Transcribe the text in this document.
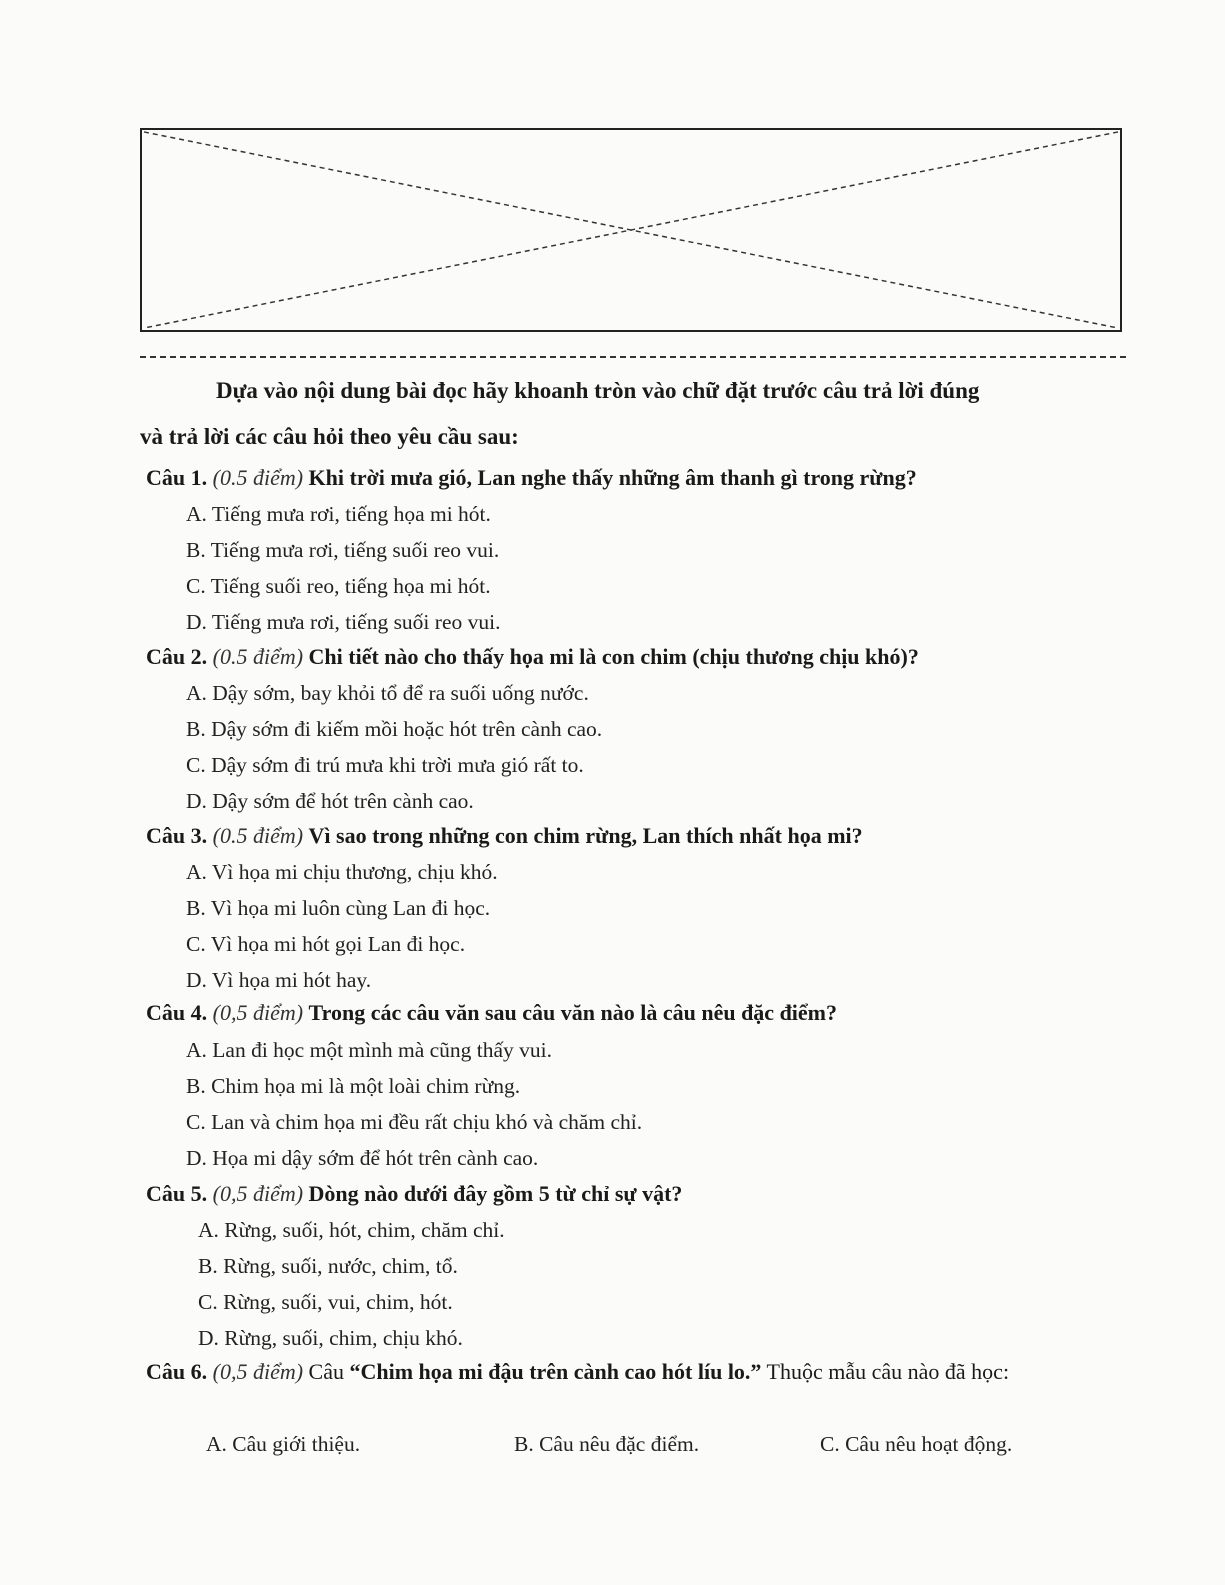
Dựa vào nội dung bài đọc hãy khoanh tròn vào chữ đặt trước câu trả lời đúng
và trả lời các câu hỏi theo yêu cầu sau:
Câu 1. (0.5 điểm) Khi trời mưa gió, Lan nghe thấy những âm thanh gì trong rừng?
A. Tiếng mưa rơi, tiếng họa mi hót.
B. Tiếng mưa rơi, tiếng suối reo vui.
C. Tiếng suối reo, tiếng họa mi hót.
D. Tiếng mưa rơi, tiếng suối reo vui.
Câu 2. (0.5 điểm) Chi tiết nào cho thấy họa mi là con chim (chịu thương chịu khó)?
A. Dậy sớm, bay khỏi tổ để ra suối uống nước.
B. Dậy sớm đi kiếm mồi hoặc hót trên cành cao.
C. Dậy sớm đi trú mưa khi trời mưa gió rất to.
D. Dậy sớm để hót trên cành cao.
Câu 3. (0.5 điểm) Vì sao trong những con chim rừng, Lan thích nhất họa mi?
A. Vì họa mi chịu thương, chịu khó.
B. Vì họa mi luôn cùng Lan đi học.
C. Vì họa mi hót gọi Lan đi học.
D. Vì họa mi hót hay.
Câu 4. (0,5 điểm) Trong các câu văn sau câu văn nào là câu nêu đặc điểm?
A. Lan đi học một mình mà cũng thấy vui.
B. Chim họa mi là một loài chim rừng.
C. Lan và chim họa mi đều rất chịu khó và chăm chỉ.
D. Họa mi dậy sớm để hót trên cành cao.
Câu 5. (0,5 điểm) Dòng nào dưới đây gồm 5 từ chỉ sự vật?
A. Rừng, suối, hót, chim, chăm chỉ.
B. Rừng, suối, nước, chim, tổ.
C. Rừng, suối, vui, chim, hót.
D. Rừng, suối, chim, chịu khó.
Câu 6. (0,5 điểm) Câu “Chim họa mi đậu trên cành cao hót líu lo.” Thuộc mẫu câu nào đã học:
A. Câu giới thiệu.	B. Câu nêu đặc điểm.	C. Câu nêu hoạt động.
